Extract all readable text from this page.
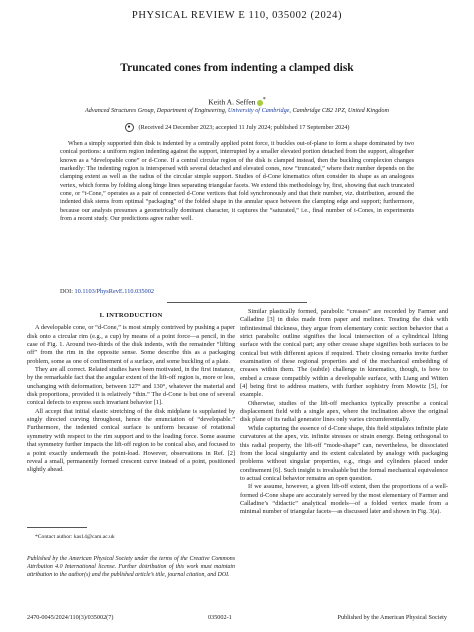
PHYSICAL REVIEW E 110, 035002 (2024)
Truncated cones from indenting a clamped disk
Keith A. Seffen *
Advanced Structures Group, Department of Engineering, University of Cambridge, Cambridge CB2 1PZ, United Kingdom
● (Received 24 December 2023; accepted 11 July 2024; published 17 September 2024)
When a simply supported thin disk is indented by a centrally applied point force, it buckles out-of-plane to form a shape dominated by two conical portions: a uniform region indenting against the support, interrupted by a smaller elevated portion detached from the support, altogether known as a “developable cone” or d-Cone. If a central circular region of the disk is clamped instead, then the buckling complexion changes markedly: The indenting region is interspersed with several detached and elevated cones, now “truncated,” where their number depends on the clamping extent as well as the radius of the circular simple support. Studies of d-Cone kinematics often consider its shape as an analogous vertex, which forms by folding along hinge lines separating triangular facets. We extend this methodology by, first, showing that each truncated cone, or “t-Cone,” operates as a pair of connected d-Cone vertices that fold synchronously and that their number, viz. distribution, around the indented disk stems from optimal “packaging” of the folded shape in the annular space between the clamping edge and support; furthermore, because our analysis presumes a geometrically dominant character, it captures the “saturated,” i.e., final number of t-Cones, in experiments from a recent study. Our predictions agree rather well.
DOI: 10.1103/PhysRevE.110.035002
I. INTRODUCTION

A developable cone, or “d-Cone,” is most simply contrived by pushing a paper disk onto a circular rim (e.g., a cup) by means of a point force—a pencil, in the case of Fig. 1. Around two-thirds of the disk indents, with the remainder “lifting off” from the rim in the opposite sense. Some describe this as a packaging problem, some as one of confinement of a surface, and some buckling of a plate.

They are all correct. Related studies have been motivated, in the first instance, by the remarkable fact that the angular extent of the lift-off region is, more or less, unchanging with deformation, between 127° and 130°, whatever the material and disk proportions, provided it is relatively “thin.” The d-Cone is but one of several conical defects to express such invariant behavior [1].

All accept that initial elastic stretching of the disk midplane is supplanted by singly directed curving throughout, hence the enunciation of “developable.” Furthermore, the indented conical surface is uniform because of rotational symmetry with respect to the rim support and to the loading force. Some assume that symmetry further impacts the lift-off region to be conical also, and focused to a point exactly underneath the point-load. However, observations in Ref. [2] reveal a small, permanently formed crescent curve instead of a point, positioned slightly ahead.

Similar plastically formed, parabolic “creases” are recorded by Farmer and Calladine [3] in disks made from paper and melinex. Treating the disk with infinitesimal thickness, they argue from elementary conic section behavior that a strict parabolic outline signifies the local intersection of a cylindrical lifting surface with the conical part; any other crease shape signifies both surfaces to be conical but with different apices if required. Their closing remarks invite further examination of these regional properties and of the mechanical embedding of creases within them. The (subtle) challenge in kinematics, though, is how to embed a crease compatibly within a developable surface, with Liang and Witten [4] being first to address matters, with further sophistry from Mowitz [5], for example.

Otherwise, studies of the lift-off mechanics typically prescribe a conical displacement field with a single apex, where the inclination above the original disk plane of its radial generator lines only varies circumferentially.

While capturing the essence of d-Cone shape, this field stipulates infinite plate curvatures at the apex, viz. infinite stresses or strain energy. Being orthogonal to this radial property, the lift-off “mode-shape” can, nevertheless, be dissociated from the local singularity and its extent calculated by analogy with packaging problems without singular properties, e.g., rings and cylinders placed under confinement [6]. Such insight is invaluable but the formal mechanical equivalence to actual conical behavior remains an open question.

If we assume, however, a given lift-off extent, then the proportions of a well-formed d-Cone shape are accurately served by the most elementary of Farmer and Calladine’s “didactic” analytical models—of a folded vertex made from a minimal number of triangular facets—as discussed later and shown in Fig. 3(a).

*Contact author: kas14@cam.ac.uk
Published by the American Physical Society under the terms of the Creative Commons Attribution 4.0 International license. Further distribution of this work must maintain attribution to the author(s) and the published article’s title, journal citation, and DOI.
2470-0045/2024/110(3)/035002(7)	035002-1	Published by the American Physical Society
